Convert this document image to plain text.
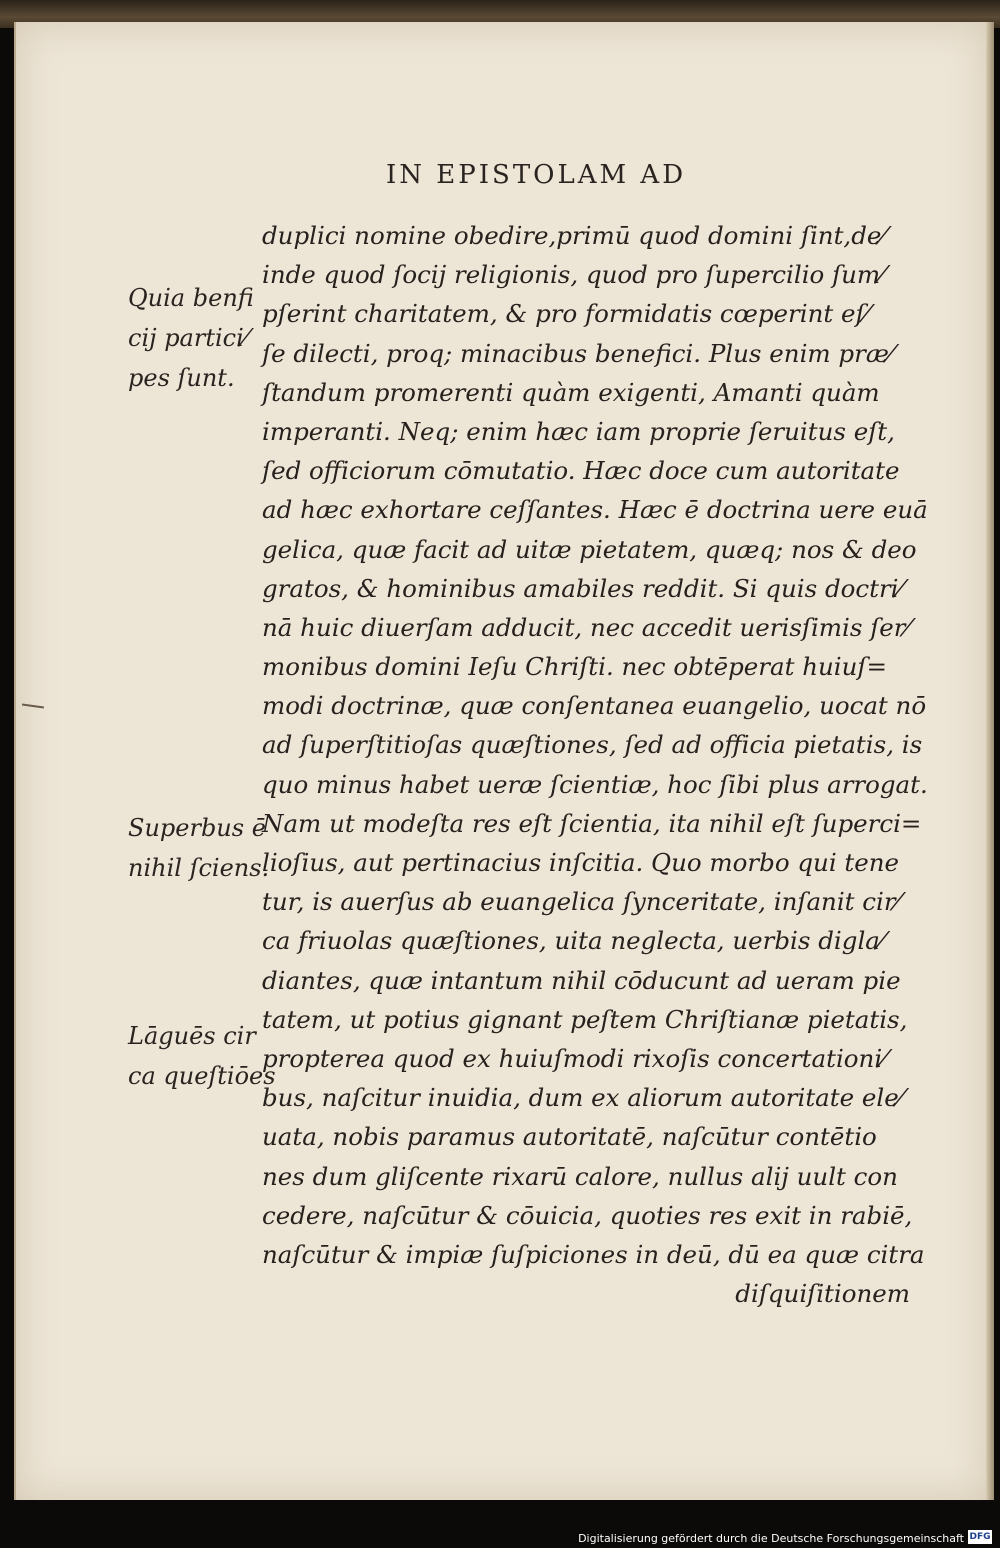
IN EPISTOLAM AD
duplici nomine obedire,primū quod domini ſint,de⁄
inde quod ſocij religionis, quod pro ſupercilio ſum⁄
pſerint charitatem, & pro formidatis cœperint eſ⁄
ſe dilecti, proq; minacibus benefici. Plus enim præ⁄
ſtandum promerenti quàm exigenti, Amanti quàm
imperanti. Neq; enim hæc iam proprie ſeruitus eſt,
ſed officiorum cōmutatio. Hæc doce cum autoritate
ad hæc exhortare ceſſantes. Hæc ē doctrina uere euā
gelica, quæ facit ad uitæ pietatem, quæq; nos & deo
gratos, & hominibus amabiles reddit. Si quis doctri⁄
nā huic diuerſam adducit, nec accedit uerisſimis ſer⁄
monibus domini Ieſu Chriſti. nec obtēperat huiuſ=
modi doctrinæ, quæ conſentanea euangelio, uocat nō
ad ſuperſtitioſas quæſtiones, ſed ad officia pietatis, is
quo minus habet ueræ ſcientiæ, hoc ſibi plus arrogat.
Nam ut modeſta res eſt ſcientia, ita nihil eſt ſuperci=
lioſius, aut pertinacius inſcitia. Quo morbo qui tene
tur, is auerſus ab euangelica ſynceritate, inſanit cir⁄
ca friuolas quæſtiones, uita neglecta, uerbis digla⁄
diantes, quæ intantum nihil cōducunt ad ueram pie
tatem, ut potius gignant peſtem Chriſtianæ pietatis,
propterea quod ex huiuſmodi rixoſis concertationi⁄
bus, naſcitur inuidia, dum ex aliorum autoritate ele⁄
uata, nobis paramus autoritatē, naſcūtur contētio
nes dum gliſcente rixarū calore, nullus alij uult con
cedere, naſcūtur & cōuicia, quoties res exit in rabiē,
naſcūtur & impiæ ſuſpiciones in deū, dū ea quæ citra
diſquiſitionem
Quia benfi
cij partici⁄
pes ſunt.
Superbus ē
nihil ſciens.
Lāguēs cir
ca queſtiōes
Digitalisierung gefördert durch die Deutsche Forschungsgemeinschaft DFG
